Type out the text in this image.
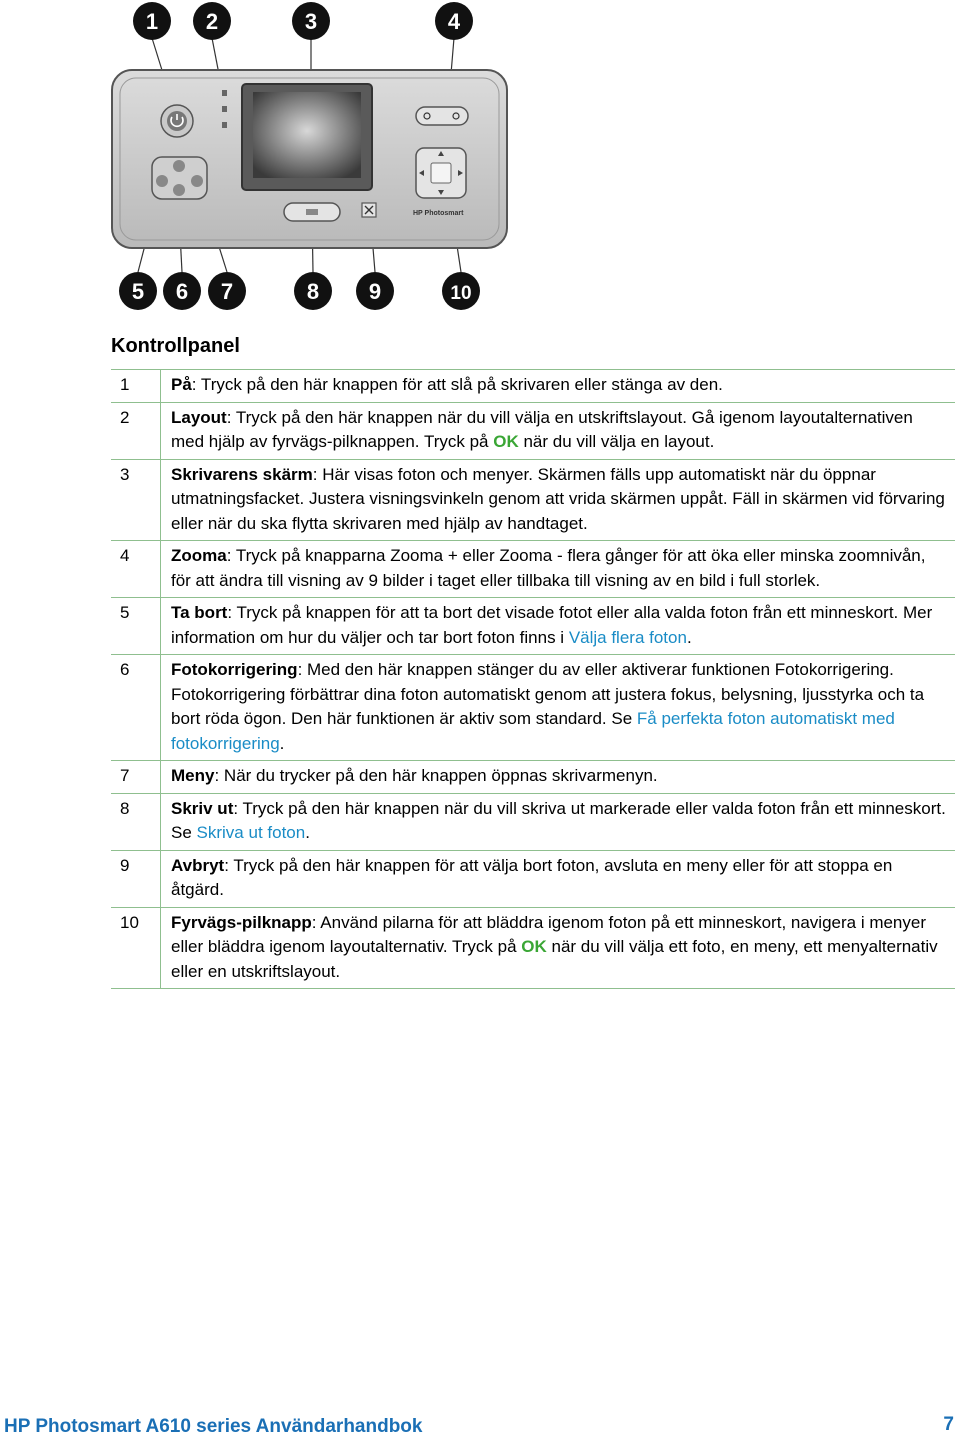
HP Photosmart
1 2	3	4
5 6 7	8 9	10
Kontrollpanel
1	På: Tryck på den här knappen för att slå på skrivaren eller stänga av den.
2	Layout: Tryck på den här knappen när du vill välja en utskriftslayout. Gå igenom layoutalternativen med hjälp av fyrvägs-pilknappen. Tryck på OK när du vill välja en layout.
3	Skrivarens skärm: Här visas foton och menyer. Skärmen fälls upp automatiskt när du öppnar utmatningsfacket. Justera visningsvinkeln genom att vrida skärmen uppåt. Fäll in skärmen vid förvaring eller när du ska flytta skrivaren med hjälp av handtaget.
4	Zooma: Tryck på knapparna Zooma + eller Zooma - flera gånger för att öka eller minska zoomnivån, för att ändra till visning av 9 bilder i taget eller tillbaka till visning av en bild i full storlek.
5	Ta bort: Tryck på knappen för att ta bort det visade fotot eller alla valda foton från ett minneskort. Mer information om hur du väljer och tar bort foton finns i Välja flera foton.
6	Fotokorrigering: Med den här knappen stänger du av eller aktiverar funktionen Fotokorrigering. Fotokorrigering förbättrar dina foton automatiskt genom att justera fokus, belysning, ljusstyrka och ta bort röda ögon. Den här funktionen är aktiv som standard. Se Få perfekta foton automatiskt med fotokorrigering.
7	Meny: När du trycker på den här knappen öppnas skrivarmenyn.
8	Skriv ut: Tryck på den här knappen när du vill skriva ut markerade eller valda foton från ett minneskort. Se Skriva ut foton.
9	Avbryt: Tryck på den här knappen för att välja bort foton, avsluta en meny eller för att stoppa en åtgärd.
10	Fyrvägs-pilknapp: Använd pilarna för att bläddra igenom foton på ett minneskort, navigera i menyer eller bläddra igenom layoutalternativ. Tryck på OK när du vill välja ett foto, en meny, ett menyalternativ eller en utskriftslayout.
HP Photosmart A610 series Användarhandbok	7
